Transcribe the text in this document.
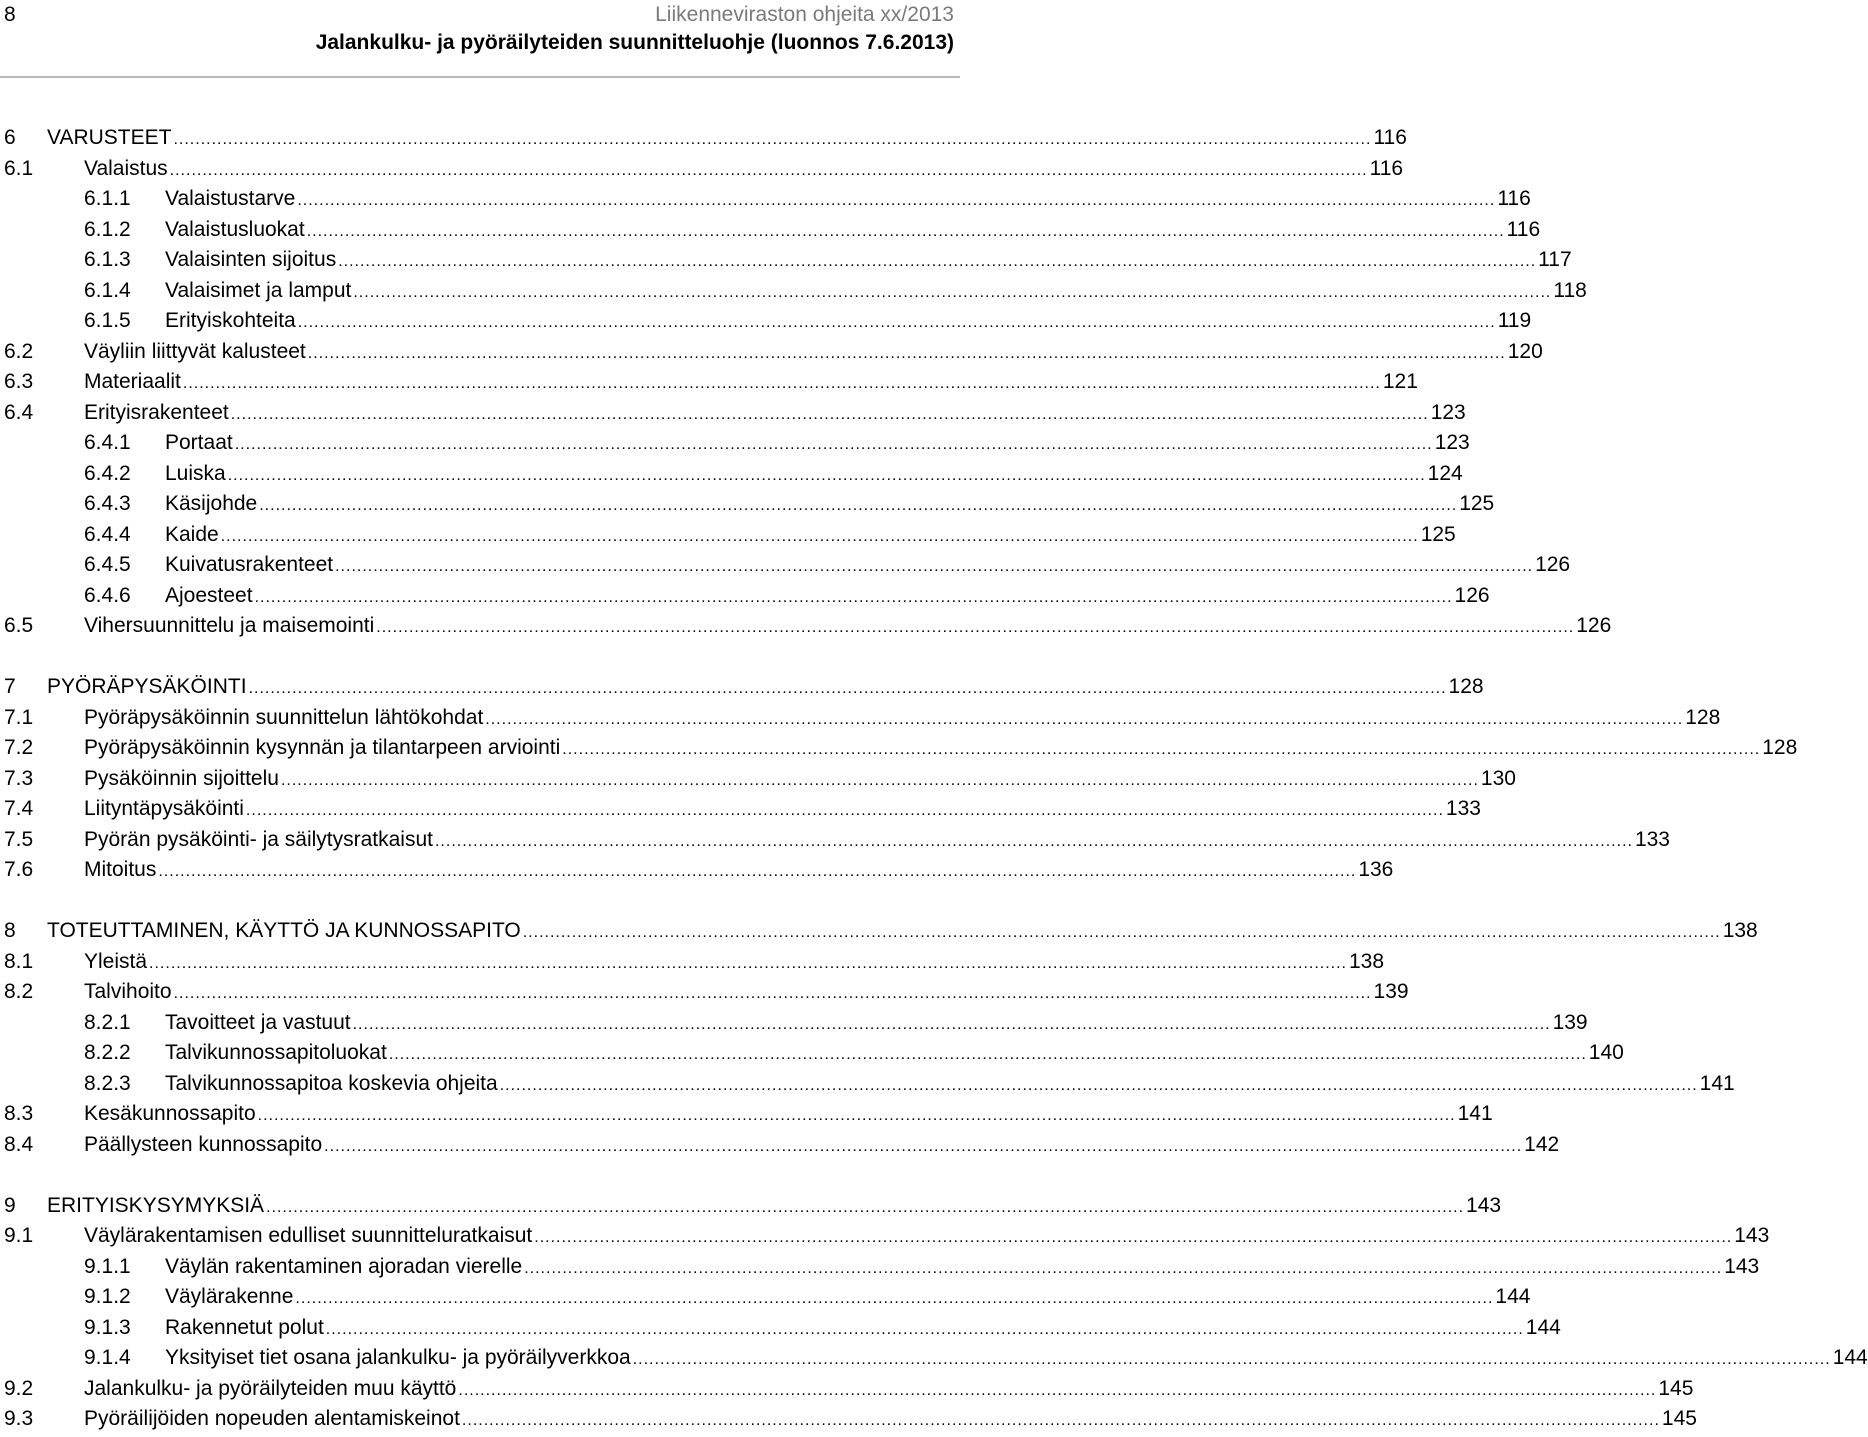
8	Liikenneviraston ohjeita xx/2013
Jalankulku- ja pyöräilyteiden suunnitteluohje (luonnos 7.6.2013)
6 VARUSTEET ............................................................................................................................................................................................................................ 116
6.1 Valaistus ............................................................................................................................................................................................................................ 116
6.1.1 Valaistustarve ............................................................................................................................................................................................................................ 116
6.1.2 Valaistusluokat ............................................................................................................................................................................................................................ 116
6.1.3 Valaisinten sijoitus ............................................................................................................................................................................................................................ 117
6.1.4 Valaisimet ja lamput ............................................................................................................................................................................................................................ 118
6.1.5 Erityiskohteita ............................................................................................................................................................................................................................ 119
6.2 Väyliin liittyvät kalusteet ............................................................................................................................................................................................................................ 120
6.3 Materiaalit ............................................................................................................................................................................................................................ 121
6.4 Erityisrakenteet ............................................................................................................................................................................................................................ 123
6.4.1 Portaat ............................................................................................................................................................................................................................ 123
6.4.2 Luiska ............................................................................................................................................................................................................................ 124
6.4.3 Käsijohde ............................................................................................................................................................................................................................ 125
6.4.4 Kaide ............................................................................................................................................................................................................................ 125
6.4.5 Kuivatusrakenteet ............................................................................................................................................................................................................................ 126
6.4.6 Ajoesteet ............................................................................................................................................................................................................................ 126
6.5 Vihersuunnittelu ja maisemointi ............................................................................................................................................................................................................................ 126
7 PYÖRÄPYSÄKÖINTI ............................................................................................................................................................................................................................ 128
7.1 Pyöräpysäköinnin suunnittelun lähtökohdat ............................................................................................................................................................................................................................ 128
7.2 Pyöräpysäköinnin kysynnän ja tilantarpeen arviointi ............................................................................................................................................................................................................................ 128
7.3 Pysäköinnin sijoittelu ............................................................................................................................................................................................................................ 130
7.4 Liityntäpysäköinti ............................................................................................................................................................................................................................ 133
7.5 Pyörän pysäköinti- ja säilytysratkaisut ............................................................................................................................................................................................................................ 133
7.6 Mitoitus ............................................................................................................................................................................................................................ 136
8 TOTEUTTAMINEN, KÄYTTÖ JA KUNNOSSAPITO ............................................................................................................................................................................................................................ 138
8.1 Yleistä ............................................................................................................................................................................................................................ 138
8.2 Talvihoito ............................................................................................................................................................................................................................ 139
8.2.1 Tavoitteet ja vastuut ............................................................................................................................................................................................................................ 139
8.2.2 Talvikunnossapitoluokat ............................................................................................................................................................................................................................ 140
8.2.3 Talvikunnossapitoa koskevia ohjeita ............................................................................................................................................................................................................................ 141
8.3 Kesäkunnossapito ............................................................................................................................................................................................................................ 141
8.4 Päällysteen kunnossapito ............................................................................................................................................................................................................................ 142
9 ERITYISKYSYMYKSIÄ ............................................................................................................................................................................................................................ 143
9.1 Väylärakentamisen edulliset suunnitteluratkaisut ............................................................................................................................................................................................................................ 143
9.1.1 Väylän rakentaminen ajoradan vierelle ............................................................................................................................................................................................................................ 143
9.1.2 Väylärakenne ............................................................................................................................................................................................................................ 144
9.1.3 Rakennetut polut ............................................................................................................................................................................................................................ 144
9.1.4 Yksityiset tiet osana jalankulku- ja pyöräilyverkkoa ............................................................................................................................................................................................................................ 144
9.2 Jalankulku- ja pyöräilyteiden muu käyttö ............................................................................................................................................................................................................................ 145
9.3 Pyöräilijöiden nopeuden alentamiskeinot ............................................................................................................................................................................................................................ 145
